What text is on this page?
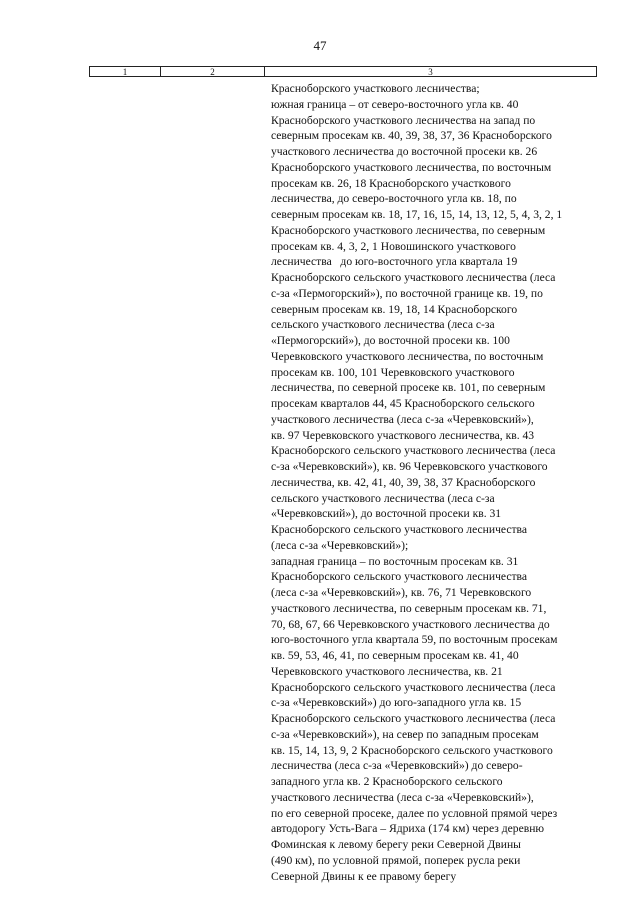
47
1	2	3
Красноборского участкового лесничества;
южная граница – от северо-восточного угла кв. 40
Красноборского участкового лесничества на запад по
северным просекам кв. 40, 39, 38, 37, 36 Красноборского
участкового лесничества до восточной просеки кв. 26
Красноборского участкового лесничества, по восточным
просекам кв. 26, 18 Красноборского участкового
лесничества, до северо-восточного угла кв. 18, по
северным просекам кв. 18, 17, 16, 15, 14, 13, 12, 5, 4, 3, 2, 1
Красноборского участкового лесничества, по северным
просекам кв. 4, 3, 2, 1 Новошинского участкового
лесничества   до юго-восточного угла квартала 19
Красноборского сельского участкового лесничества (леса
с-за «Пермогорский»), по восточной границе кв. 19, по
северным просекам кв. 19, 18, 14 Красноборского
сельского участкового лесничества (леса с-за
«Пермогорский»), до восточной просеки кв. 100
Черевковского участкового лесничества, по восточным
просекам кв. 100, 101 Черевковского участкового
лесничества, по северной просеке кв. 101, по северным
просекам кварталов 44, 45 Красноборского сельского
участкового лесничества (леса с-за «Черевковский»),
кв. 97 Черевковского участкового лесничества, кв. 43
Красноборского сельского участкового лесничества (леса
с-за «Черевковский»), кв. 96 Черевковского участкового
лесничества, кв. 42, 41, 40, 39, 38, 37 Красноборского
сельского участкового лесничества (леса с-за
«Черевковский»), до восточной просеки кв. 31
Красноборского сельского участкового лесничества
(леса с-за «Черевковский»);
западная граница – по восточным просекам кв. 31
Красноборского сельского участкового лесничества
(леса с-за «Черевковский»), кв. 76, 71 Черевковского
участкового лесничества, по северным просекам кв. 71,
70, 68, 67, 66 Черевковского участкового лесничества до
юго-восточного угла квартала 59, по восточным просекам
кв. 59, 53, 46, 41, по северным просекам кв. 41, 40
Черевковского участкового лесничества, кв. 21
Красноборского сельского участкового лесничества (леса
с-за «Черевковский») до юго-западного угла кв. 15
Красноборского сельского участкового лесничества (леса
с-за «Черевковский»), на север по западным просекам
кв. 15, 14, 13, 9, 2 Красноборского сельского участкового
лесничества (леса с-за «Черевковский») до северо-
западного угла кв. 2 Красноборского сельского
участкового лесничества (леса с-за «Черевковский»),
по его северной просеке, далее по условной прямой через
автодорогу Усть-Вага – Ядриха (174 км) через деревню
Фоминская к левому берегу реки Северной Двины
(490 км), по условной прямой, поперек русла реки
Северной Двины к ее правому берегу
